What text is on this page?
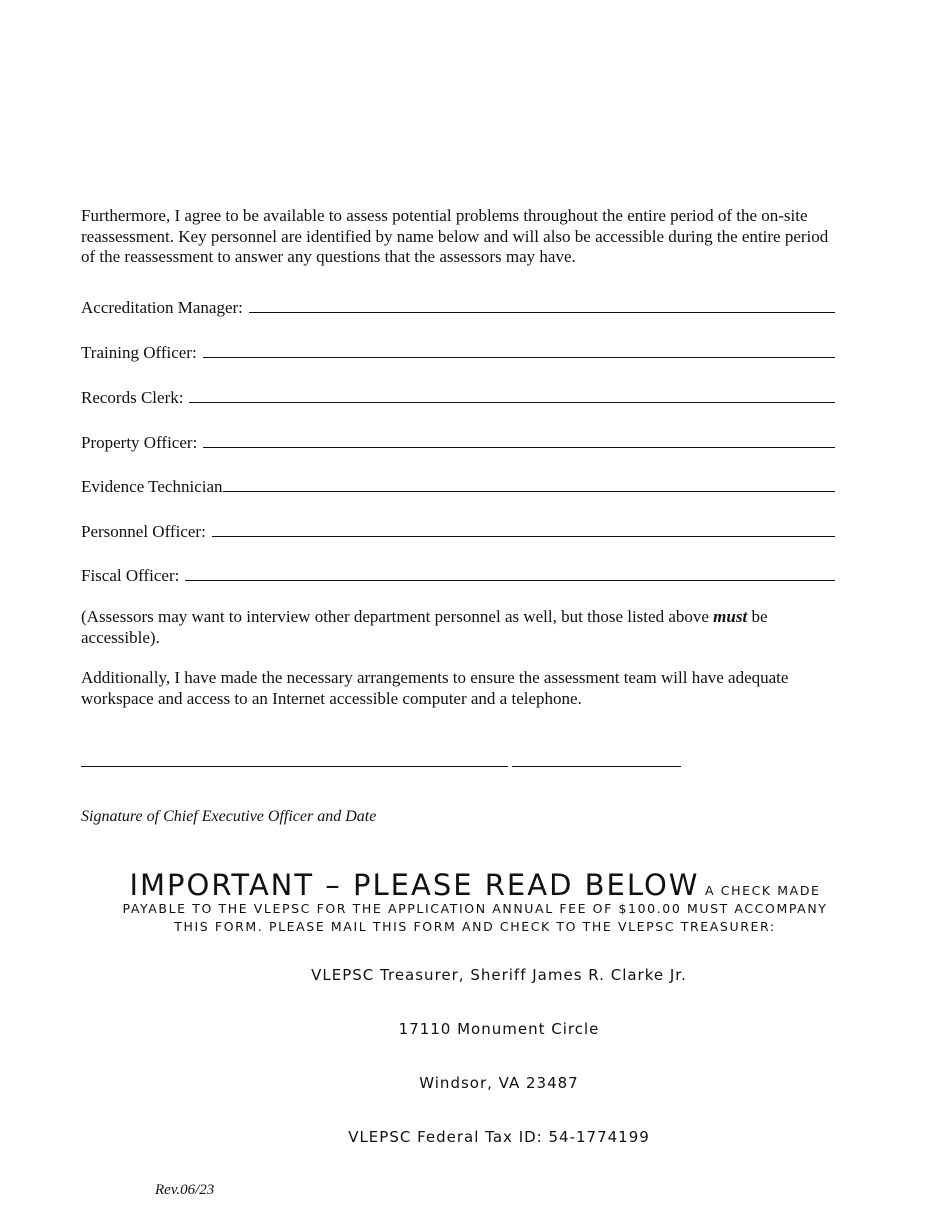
Furthermore, I agree to be available to assess potential problems throughout the entire period of the on-site reassessment. Key personnel are identified by name below and will also be accessible during the entire period of the reassessment to answer any questions that the assessors may have.

Accreditation Manager:
Training Officer:
Records Clerk:
Property Officer:
Evidence Technician
Personnel Officer:
Fiscal Officer:

(Assessors may want to interview other department personnel as well, but those listed above must be accessible).

Additionally, I have made the necessary arrangements to ensure the assessment team will have adequate workspace and access to an Internet accessible computer and a telephone.

Signature of Chief Executive Officer and Date
IMPORTANT – PLEASE READ BELOW A CHECK MADE PAYABLE TO THE VLEPSC FOR THE APPLICATION ANNUAL FEE OF $100.00 MUST ACCOMPANY THIS FORM. PLEASE MAIL THIS FORM AND CHECK TO THE VLEPSC TREASURER:
VLEPSC Treasurer, Sheriff James R. Clarke Jr.
17110 Monument Circle
Windsor, VA 23487
VLEPSC Federal Tax ID: 54-1774199
Rev.06/23
